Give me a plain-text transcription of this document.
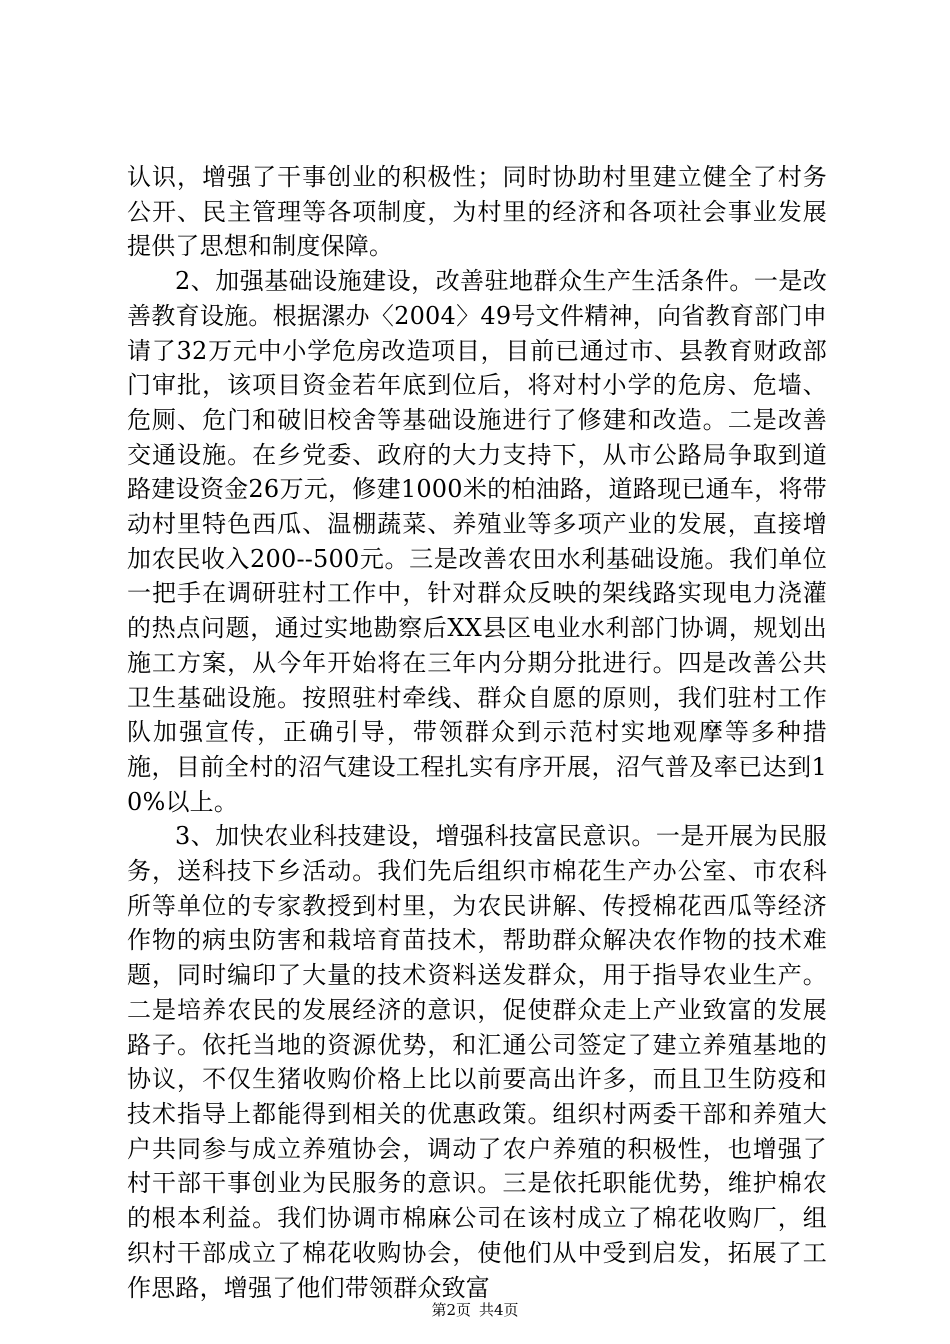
认识，增强了干事创业的积极性；同时协助村里建立健全了村务公开、民主管理等各项制度，为村里的经济和各项社会事业发展提供了思想和制度保障。

2、加强基础设施建设，改善驻地群众生产生活条件。一是改善教育设施。根据漯办〈2004〉49号文件精神，向省教育部门申请了32万元中小学危房改造项目，目前已通过市、县教育财政部门审批，该项目资金若年底到位后，将对村小学的危房、危墙、危厕、危门和破旧校舍等基础设施进行了修建和改造。二是改善交通设施。在乡党委、政府的大力支持下，从市公路局争取到道路建设资金26万元，修建1000米的柏油路，道路现已通车，将带动村里特色西瓜、温棚蔬菜、养殖业等多项产业的发展，直接增加农民收入200--500元。三是改善农田水利基础设施。我们单位一把手在调研驻村工作中，针对群众反映的架线路实现电力浇灌的热点问题，通过实地勘察后XX县区电业水利部门协调，规划出施工方案，从今年开始将在三年内分期分批进行。四是改善公共卫生基础设施。按照驻村牵线、群众自愿的原则，我们驻村工作队加强宣传，正确引导，带领群众到示范村实地观摩等多种措施，目前全村的沼气建设工程扎实有序开展，沼气普及率已达到10%以上。

3、加快农业科技建设，增强科技富民意识。一是开展为民服务，送科技下乡活动。我们先后组织市棉花生产办公室、市农科所等单位的专家教授到村里，为农民讲解、传授棉花西瓜等经济作物的病虫防害和栽培育苗技术，帮助群众解决农作物的技术难题，同时编印了大量的技术资料送发群众，用于指导农业生产。二是培养农民的发展经济的意识，促使群众走上产业致富的发展路子。依托当地的资源优势，和汇通公司签定了建立养殖基地的协议，不仅生猪收购价格上比以前要高出许多，而且卫生防疫和技术指导上都能得到相关的优惠政策。组织村两委干部和养殖大户共同参与成立养殖协会，调动了农户养殖的积极性，也增强了村干部干事创业为民服务的意识。三是依托职能优势，维护棉农的根本利益。我们协调市棉麻公司在该村成立了棉花收购厂，组织村干部成立了棉花收购协会，使他们从中受到启发，拓展了工作思路，增强了他们带领群众致富

第2页 共4页
